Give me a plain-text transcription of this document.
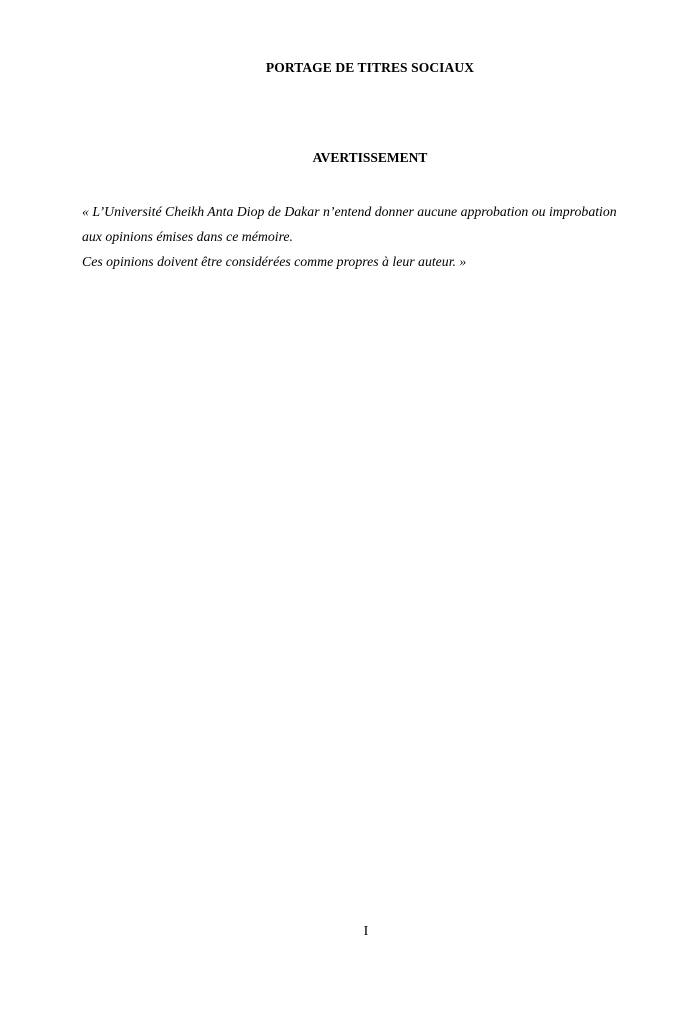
PORTAGE DE TITRES SOCIAUX
AVERTISSEMENT

« L’Université Cheikh Anta Diop de Dakar n’entend donner aucune approbation ou improbation

aux opinions émises dans ce mémoire.

Ces opinions doivent être considérées comme propres à leur auteur. »

I
